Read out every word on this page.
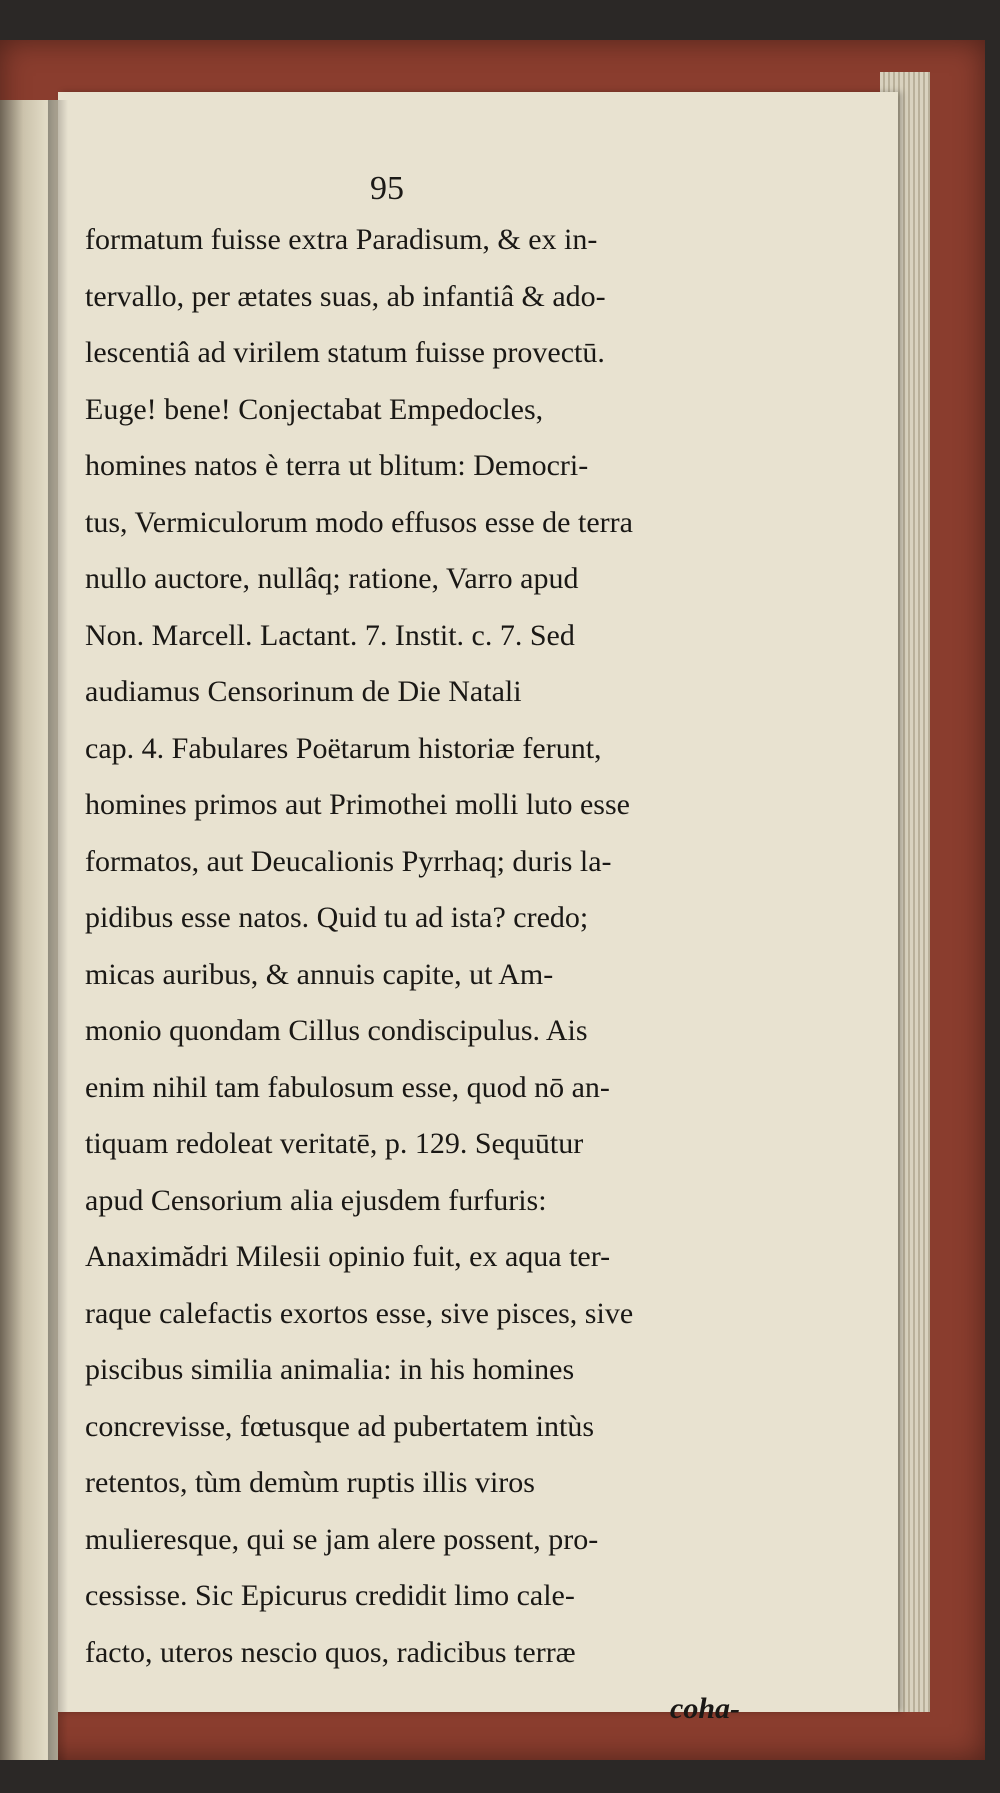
95
formatum fuisse extra Paradisum, & ex in-
tervallo, per ætates suas, ab infantiâ & ado-
lescentiâ ad virilem statum fuisse provectū.
Euge! bene! Conjectabat Empedocles,
homines natos è terra ut blitum: Democri-
tus, Vermiculorum modo effusos esse de terra
nullo auctore, nullâq; ratione, Varro apud
Non. Marcell. Lactant. 7. Instit. c. 7. Sed
audiamus Censorinum de Die Natali
cap. 4. Fabulares Poëtarum historiæ ferunt,
homines primos aut Primothei molli luto esse
formatos, aut Deucalionis Pyrrhaq; duris la-
pidibus esse natos. Quid tu ad ista? credo;
micas auribus, & annuis capite, ut Am-
monio quondam Cillus condiscipulus. Ais
enim nihil tam fabulosum esse, quod nō an-
tiquam redoleat veritatē, p. 129. Sequūtur
apud Censorium alia ejusdem furfuris:
Anaximădri Milesii opinio fuit, ex aqua ter-
raque calefactis exortos esse, sive pisces, sive
piscibus similia animalia: in his homines
concrevisse, fœtusque ad pubertatem intùs
retentos, tùm demùm ruptis illis viros
mulieresque, qui se jam alere possent, pro-
cessisse. Sic Epicurus credidit limo cale-
facto, uteros nescio quos, radicibus terræ
coha-
